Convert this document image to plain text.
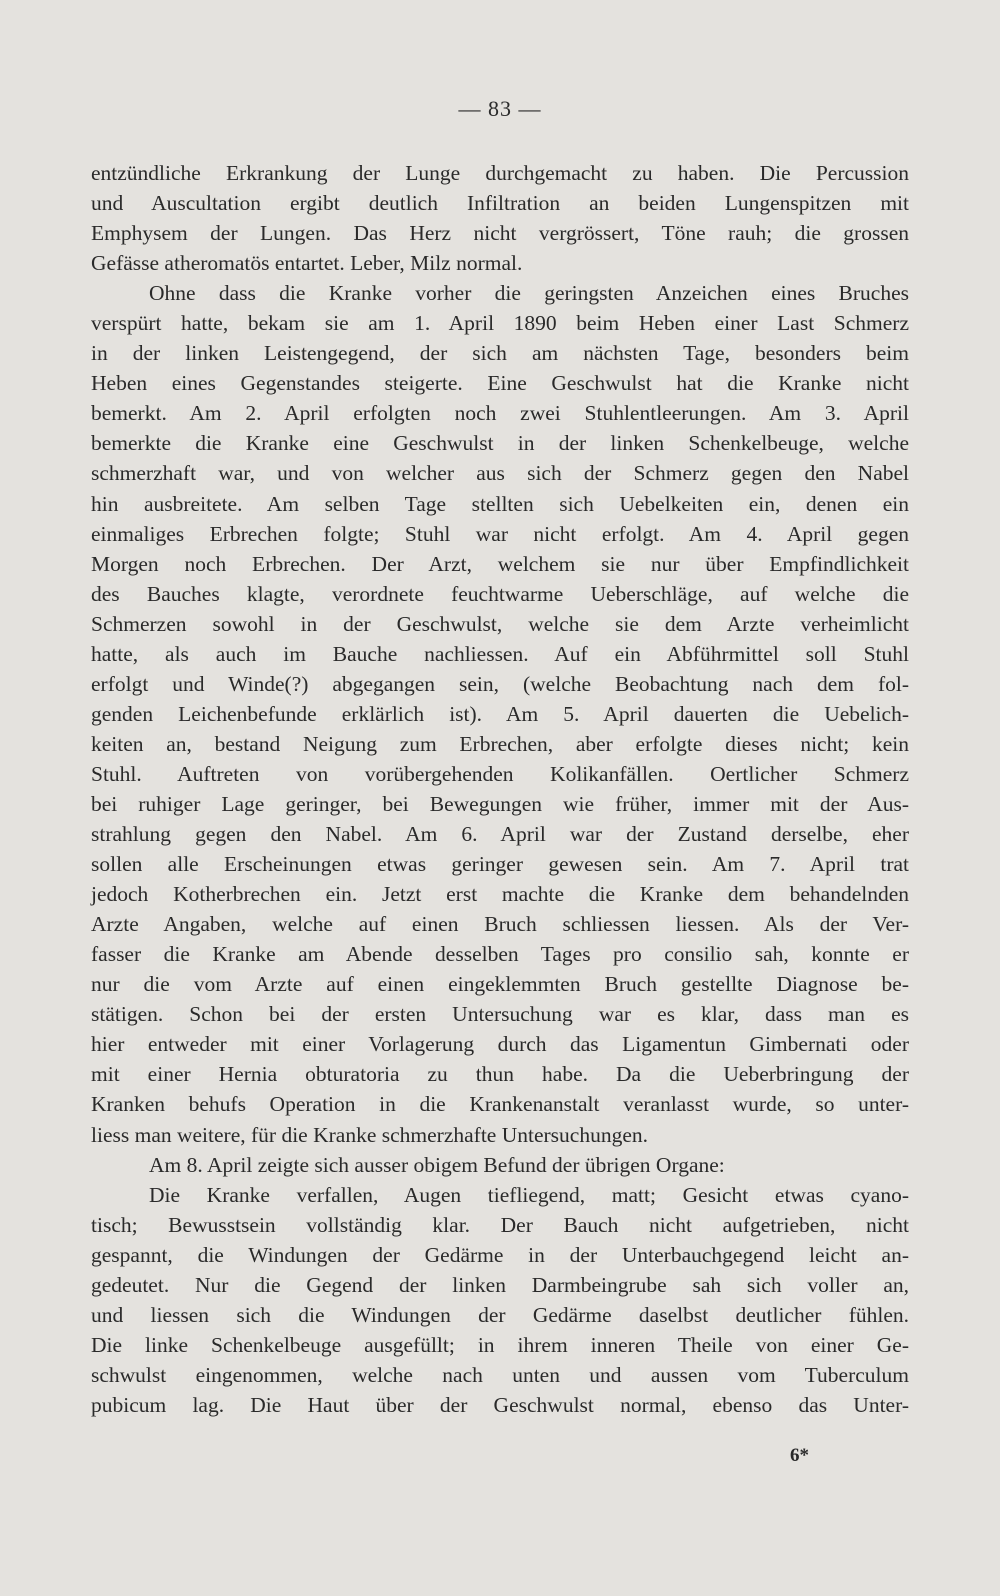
— 83 —
entzündliche Erkrankung der Lunge durchgemacht zu haben. Die Percussion
und Auscultation ergibt deutlich Infiltration an beiden Lungenspitzen mit
Emphysem der Lungen. Das Herz nicht vergrössert, Töne rauh; die grossen
Gefässe atheromatös entartet. Leber, Milz normal.
Ohne dass die Kranke vorher die geringsten Anzeichen eines Bruches
verspürt hatte, bekam sie am 1. April 1890 beim Heben einer Last Schmerz
in der linken Leistengegend, der sich am nächsten Tage, besonders beim
Heben eines Gegenstandes steigerte. Eine Geschwulst hat die Kranke nicht
bemerkt. Am 2. April erfolgten noch zwei Stuhlentleerungen. Am 3. April
bemerkte die Kranke eine Geschwulst in der linken Schenkelbeuge, welche
schmerzhaft war, und von welcher aus sich der Schmerz gegen den Nabel
hin ausbreitete. Am selben Tage stellten sich Uebelkeiten ein, denen ein
einmaliges Erbrechen folgte; Stuhl war nicht erfolgt. Am 4. April gegen
Morgen noch Erbrechen. Der Arzt, welchem sie nur über Empfindlichkeit
des Bauches klagte, verordnete feuchtwarme Ueberschläge, auf welche die
Schmerzen sowohl in der Geschwulst, welche sie dem Arzte verheimlicht
hatte, als auch im Bauche nachliessen. Auf ein Abführmittel soll Stuhl
erfolgt und Winde(?) abgegangen sein, (welche Beobachtung nach dem fol-
genden Leichenbefunde erklärlich ist). Am 5. April dauerten die Uebelich-
keiten an, bestand Neigung zum Erbrechen, aber erfolgte dieses nicht; kein
Stuhl. Auftreten von vorübergehenden Kolikanfällen. Oertlicher Schmerz
bei ruhiger Lage geringer, bei Bewegungen wie früher, immer mit der Aus-
strahlung gegen den Nabel. Am 6. April war der Zustand derselbe, eher
sollen alle Erscheinungen etwas geringer gewesen sein. Am 7. April trat
jedoch Kotherbrechen ein. Jetzt erst machte die Kranke dem behandelnden
Arzte Angaben, welche auf einen Bruch schliessen liessen. Als der Ver-
fasser die Kranke am Abende desselben Tages pro consilio sah, konnte er
nur die vom Arzte auf einen eingeklemmten Bruch gestellte Diagnose be-
stätigen. Schon bei der ersten Untersuchung war es klar, dass man es
hier entweder mit einer Vorlagerung durch das Ligamentun Gimbernati oder
mit einer Hernia obturatoria zu thun habe. Da die Ueberbringung der
Kranken behufs Operation in die Krankenanstalt veranlasst wurde, so unter-
liess man weitere, für die Kranke schmerzhafte Untersuchungen.
Am 8. April zeigte sich ausser obigem Befund der übrigen Organe:
Die Kranke verfallen, Augen tiefliegend, matt; Gesicht etwas cyano-
tisch; Bewusstsein vollständig klar. Der Bauch nicht aufgetrieben, nicht
gespannt, die Windungen der Gedärme in der Unterbauchgegend leicht an-
gedeutet. Nur die Gegend der linken Darmbeingrube sah sich voller an,
und liessen sich die Windungen der Gedärme daselbst deutlicher fühlen.
Die linke Schenkelbeuge ausgefüllt; in ihrem inneren Theile von einer Ge-
schwulst eingenommen, welche nach unten und aussen vom Tuberculum
pubicum lag. Die Haut über der Geschwulst normal, ebenso das Unter-
6*
